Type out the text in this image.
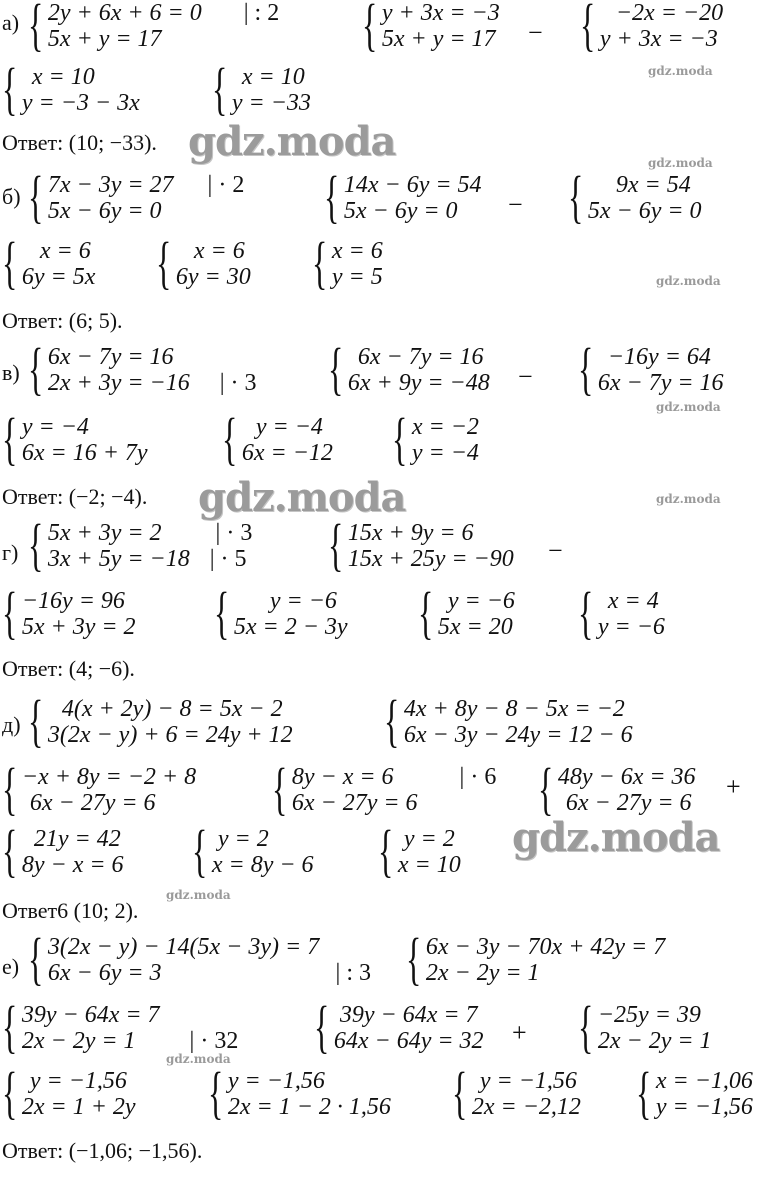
а) { 2y + 6x + 6 = 0 | : 2
5x + y = 17	{ y + 3x = −3
5x + y = 17 − { −2x = −20
y + 3x = −3
{ x = 10
y = −3 − 3x { x = 10
y = −33
gdz.moda
Ответ: (10; −33). gdz.moda	gdz.moda
б) { 7x − 3y = 27 | · 2
5x − 6y = 0	{ 14x − 6y = 54
5x − 6y = 0 − { 9x = 54
5x − 6y = 0
{ x = 6
6y = 5x { x = 6
6y = 30 { x = 6
y = 5	gdz.moda
Ответ: (6; 5).
в) { 6x − 7y = 16
2x + 3y = −16 | · 3 { 6x − 7y = 16
6x + 9y = −48 − { −16y = 64
6x − 7y = 16
gdz.moda
{ y = −4
6x = 16 + 7y { y = −4
6x = −12 { x = −2
y = −4
Ответ: (−2; −4). gdz.moda	gdz.moda
г) { 5x + 3y = 2 | · 3
3x + 5y = −18 | · 5 { 15x + 9y = 6
15x + 25y = −90 −
{ −16y = 96
5x + 3y = 2 { y = −6
5x = 2 − 3y { y = −6
5x = 20 { x = 4
y = −6
Ответ: (4; −6).
д) { 4(x + 2y) − 8 = 5x − 2
3(2x − y) + 6 = 24y + 12 { 4x + 8y − 8 − 5x = −2
6x − 3y − 24y = 12 − 6
{ −x + 8y = −2 + 8
6x − 27y = 6 { 8y − x = 6	| · 6
6x − 27y = 6 { 48y − 6x = 36
6x − 27y = 6
+
{ 21y = 42
8y − x = 6 { y = 2
x = 8y − 6 { y = 2
x = 10
gdz.moda
gdz.moda
Ответ6 (10; 2).
е) { 3(2x − y) − 14(5x − 3y) = 7
6x − 6y = 3	| : 3 { 6x − 3y − 70x + 42y = 7
2x − 2y = 1
{ 39y − 64x = 7
2x − 2y = 1 | · 32 { 39y − 64x = 7
64x − 64y = 32 + { −25y = 39
2x − 2y = 1
gdz.moda
{ y = −1,56
2x = 1 + 2y { y = −1,56
2x = 1 − 2 · 1,56 { y = −1,56
2x = −2,12 { x = −1,06
y = −1,56
Ответ: (−1,06; −1,56).
